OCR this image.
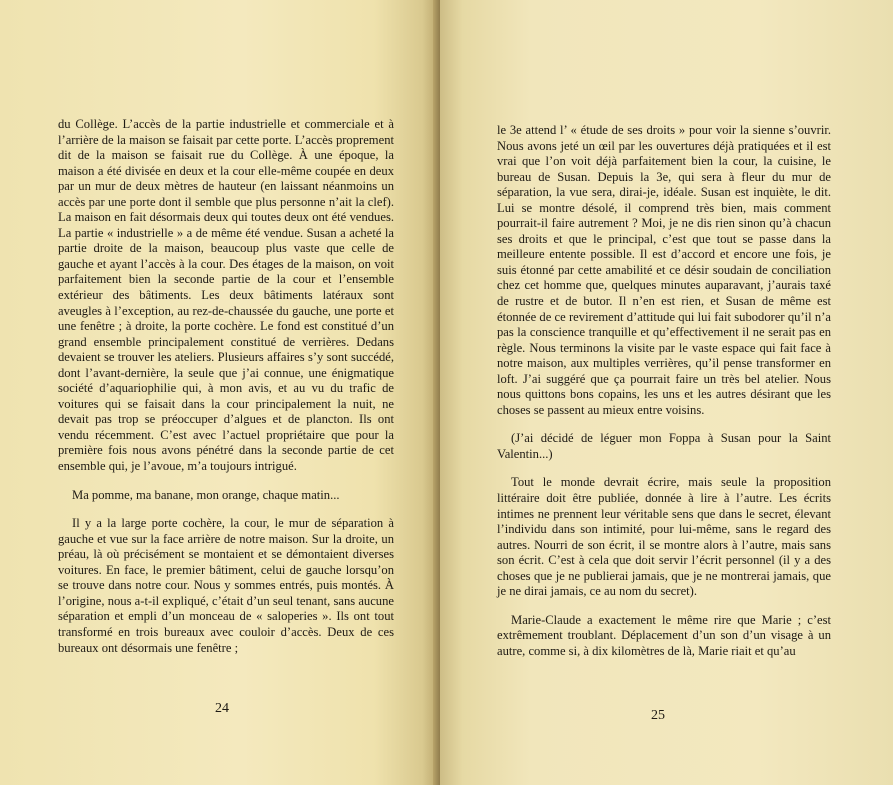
du Collège. L’accès de la partie industrielle et commerciale et à l’arrière de la maison se faisait par cette porte. L’accès proprement dit de la maison se faisait rue du Collège. À une époque, la maison a été divisée en deux et la cour elle-même coupée en deux par un mur de deux mètres de hauteur (en laissant néanmoins un accès par une porte dont il semble que plus personne n’ait la clef). La maison en fait désormais deux qui toutes deux ont été vendues. La partie « industrielle » a de même été vendue. Susan a acheté la partie droite de la maison, beaucoup plus vaste que celle de gauche et ayant l’accès à la cour. Des étages de la maison, on voit parfaitement bien la seconde partie de la cour et l’ensemble extérieur des bâtiments. Les deux bâtiments latéraux sont aveugles à l’exception, au rez-de-chaussée du gauche, une porte et une fenêtre ; à droite, la porte cochère. Le fond est constitué d’un grand ensemble principalement constitué de verrières. Dedans devaient se trouver les ateliers. Plusieurs affaires s’y sont succédé, dont l’avant-dernière, la seule que j’ai connue, une énigmatique société d’aquariophilie qui, à mon avis, et au vu du trafic de voitures qui se faisait dans la cour principalement la nuit, ne devait pas trop se préoccuper d’algues et de plancton. Ils ont vendu récemment. C’est avec l’actuel propriétaire que pour la première fois nous avons pénétré dans la seconde partie de cet ensemble qui, je l’avoue, m’a toujours intrigué.

Ma pomme, ma banane, mon orange, chaque matin...

Il y a la large porte cochère, la cour, le mur de séparation à gauche et vue sur la face arrière de notre maison. Sur la droite, un préau, là où précisément se montaient et se démontaient diverses voitures. En face, le premier bâtiment, celui de gauche lorsqu’on se trouve dans notre cour. Nous y sommes entrés, puis montés. À l’origine, nous a-t-il expliqué, c’était d’un seul tenant, sans aucune séparation et empli d’un monceau de « saloperies ». Ils ont tout transformé en trois bureaux avec couloir d’accès. Deux de ces bureaux ont désormais une fenêtre ;

24

le 3e attend l’ « étude de ses droits » pour voir la sienne s’ouvrir. Nous avons jeté un œil par les ouvertures déjà pratiquées et il est vrai que l’on voit déjà parfaitement bien la cour, la cuisine, le bureau de Susan. Depuis la 3e, qui sera à fleur du mur de séparation, la vue sera, dirai-je, idéale. Susan est inquiète, le dit. Lui se montre désolé, il comprend très bien, mais comment pourrait-il faire autrement ? Moi, je ne dis rien sinon qu’à chacun ses droits et que le principal, c’est que tout se passe dans la meilleure entente possible. Il est d’accord et encore une fois, je suis étonné par cette amabilité et ce désir soudain de conciliation chez cet homme que, quelques minutes auparavant, j’aurais taxé de rustre et de butor. Il n’en est rien, et Susan de même est étonnée de ce revirement d’attitude qui lui fait subodorer qu’il n’a pas la conscience tranquille et qu’effectivement il ne serait pas en règle. Nous terminons la visite par le vaste espace qui fait face à notre maison, aux multiples verrières, qu’il pense transformer en loft. J’ai suggéré que ça pourrait faire un très bel atelier. Nous nous quittons bons copains, les uns et les autres désirant que les choses se passent au mieux entre voisins.

(J’ai décidé de léguer mon Foppa à Susan pour la Saint Valentin...)

Tout le monde devrait écrire, mais seule la proposition littéraire doit être publiée, donnée à lire à l’autre. Les écrits intimes ne prennent leur véritable sens que dans le secret, élevant l’individu dans son intimité, pour lui-même, sans le regard des autres. Nourri de son écrit, il se montre alors à l’autre, mais sans son écrit. C’est à cela que doit servir l’écrit personnel (il y a des choses que je ne publierai jamais, que je ne montrerai jamais, que je ne dirai jamais, ce au nom du secret).

Marie-Claude a exactement le même rire que Marie ; c’est extrêmement troublant. Déplacement d’un son d’un visage à un autre, comme si, à dix kilomètres de là, Marie riait et qu’au

25
